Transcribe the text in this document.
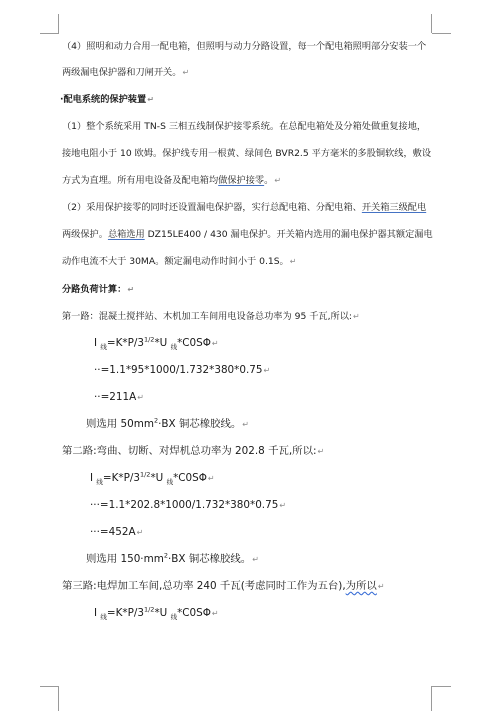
（4）照明和动力合用一配电箱，但照明与动力分路设置，每一个配电箱照明部分安装一个
两级漏电保护器和刀闸开关。↵
·配电系统的保护装置↵
（1）整个系统采用 TN-S 三相五线制保护接零系统。在总配电箱处及分箱处做重复接地，
接地电阻小于 10 欧姆。保护线专用一根黄、绿间色 BVR2.5 平方毫米的多股铜软线，敷设
方式为直埋。所有用电设备及配电箱均做保护接零。↵
（2）采用保护接零的同时还设置漏电保护器，实行总配电箱、分配电箱、开关箱三级配电
两级保护。总箱选用 DZ15LE400 / 430 漏电保护。开关箱内选用的漏电保护器其额定漏电
动作电流不大于 30MA。额定漏电动作时间小于 0.1S。↵
分路负荷计算：↵
第一路：混凝土搅拌站、木机加工车间用电设备总功率为 95 千瓦,所以:↵
I $_线=K*P/3^{1/2}*U$ $_线$*C0SΦ↵
··=1.1*95*1000/1.732*380*0.75↵
··=211A↵
则选用 $50mm^2\cdot BX$ 铜芯橡胶线。↵
第二路:弯曲、切断、对焊机总功率为 202.8 千瓦,所以:↵
I $_线=K*P/3^{1/2}*U$ $_线$*C0SΦ↵
···=1.1*202.8*1000/1.732*380*0.75↵
···=452A↵
则选用 $150\cdot mm^2\cdot BX$ 铜芯橡胶线。↵
第三路:电焊加工车间,总功率 240 千瓦(考虑同时工作为五台),为所以↵
I $_线=K*P/3^{1/2}*U$ $_线$*C0SΦ↵
